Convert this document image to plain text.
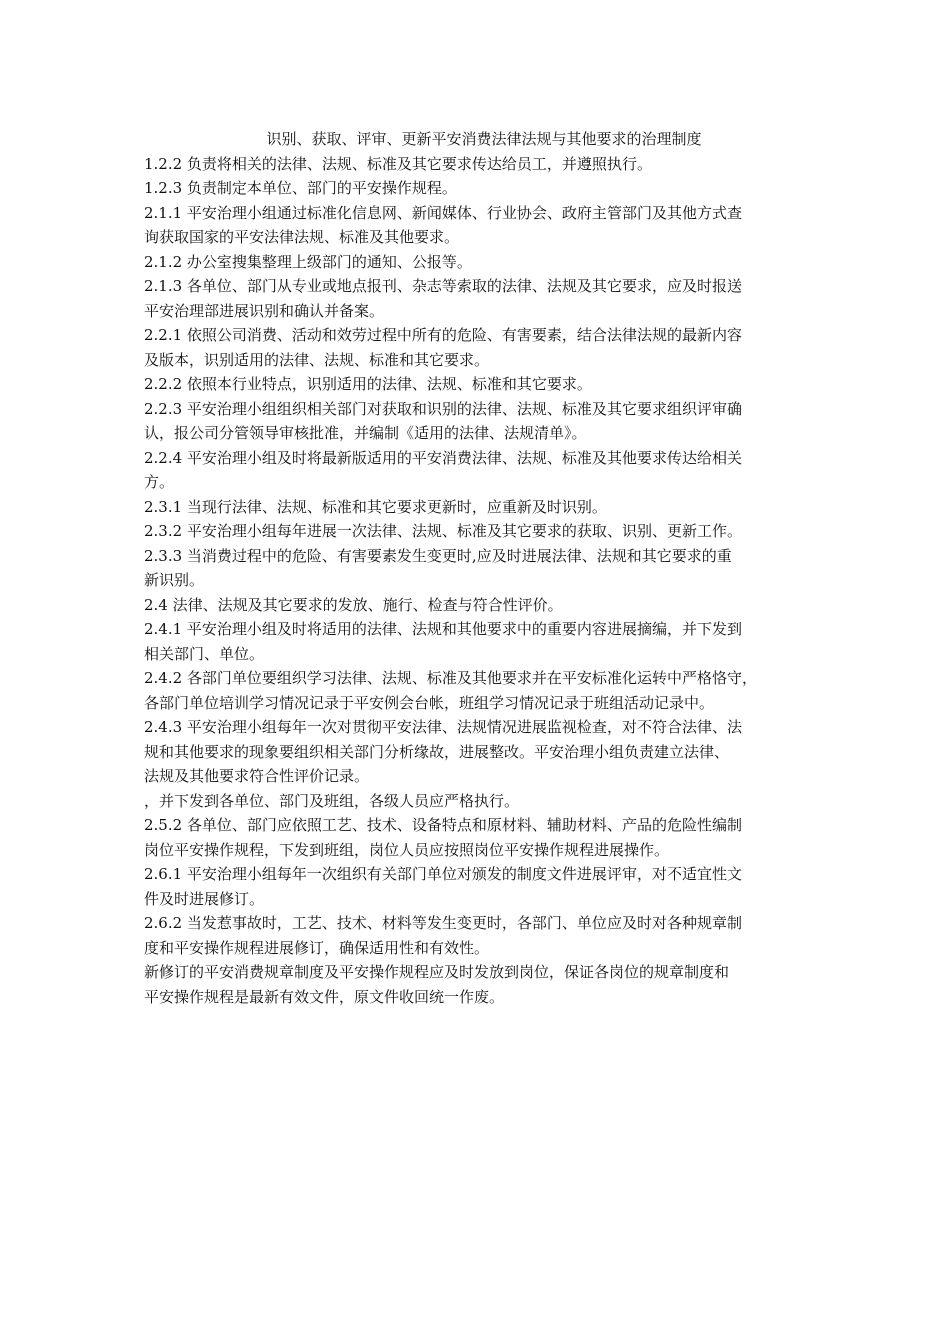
识别、获取、评审、更新平安消费法律法规与其他要求的治理制度

1.2.2 负责将相关的法律、法规、标准及其它要求传达给员工，并遵照执行。

1.2.3 负责制定本单位、部门的平安操作规程。

2.1.1 平安治理小组通过标准化信息网、新闻媒体、行业协会、政府主管部门及其他方式查
询获取国家的平安法律法规、标准及其他要求。

2.1.2 办公室搜集整理上级部门的通知、公报等。

2.1.3 各单位、部门从专业或地点报刊、杂志等索取的法律、法规及其它要求，应及时报送
平安治理部进展识别和确认并备案。

2.2.1 依照公司消费、活动和效劳过程中所有的危险、有害要素，结合法律法规的最新内容
及版本，识别适用的法律、法规、标准和其它要求。

2.2.2 依照本行业特点，识别适用的法律、法规、标准和其它要求。

2.2.3 平安治理小组组织相关部门对获取和识别的法律、法规、标准及其它要求组织评审确
认，报公司分管领导审核批准，并编制《适用的法律、法规清单》。

2.2.4 平安治理小组及时将最新版适用的平安消费法律、法规、标准及其他要求传达给相关
方。

2.3.1 当现行法律、法规、标准和其它要求更新时，应重新及时识别。

2.3.2 平安治理小组每年进展一次法律、法规、标准及其它要求的获取、识别、更新工作。

2.3.3 当消费过程中的危险、有害要素发生变更时,应及时进展法律、法规和其它要求的重
新识别。

2.4 法律、法规及其它要求的发放、施行、检查与符合性评价。

2.4.1 平安治理小组及时将适用的法律、法规和其他要求中的重要内容进展摘编，并下发到
相关部门、单位。

2.4.2 各部门单位要组织学习法律、法规、标准及其他要求并在平安标准化运转中严格恪守，
各部门单位培训学习情况记录于平安例会台帐，班组学习情况记录于班组活动记录中。

2.4.3 平安治理小组每年一次对贯彻平安法律、法规情况进展监视检查，对不符合法律、法
规和其他要求的现象要组织相关部门分析缘故，进展整改。平安治理小组负责建立法律、
法规及其他要求符合性评价记录。

，并下发到各单位、部门及班组，各级人员应严格执行。

2.5.2 各单位、部门应依照工艺、技术、设备特点和原材料、辅助材料、产品的危险性编制
岗位平安操作规程，下发到班组，岗位人员应按照岗位平安操作规程进展操作。

2.6.1 平安治理小组每年一次组织有关部门单位对颁发的制度文件进展评审，对不适宜性文
件及时进展修订。

2.6.2 当发惹事故时，工艺、技术、材料等发生变更时，各部门、单位应及时对各种规章制
度和平安操作规程进展修订，确保适用性和有效性。

新修订的平安消费规章制度及平安操作规程应及时发放到岗位，保证各岗位的规章制度和
平安操作规程是最新有效文件，原文件收回统一作废。
